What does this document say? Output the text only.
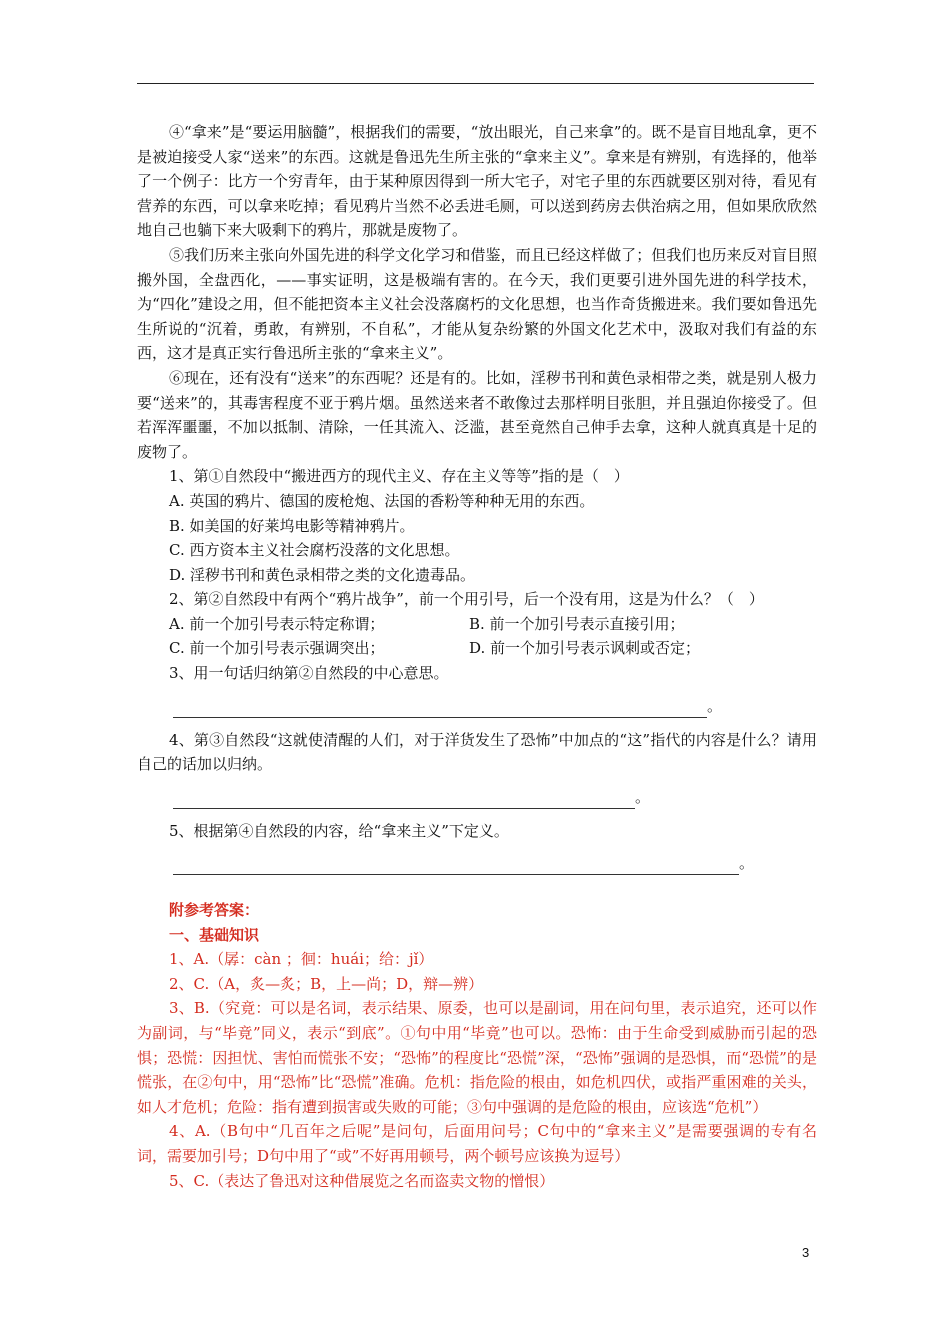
④“拿来”是“要运用脑髓”，根据我们的需要，“放出眼光，自己来拿”的。既不是盲目地乱拿，更不是被迫接受人家“送来”的东西。这就是鲁迅先生所主张的“拿来主义”。拿来是有辨别，有选择的，他举了一个例子：比方一个穷青年，由于某种原因得到一所大宅子，对宅子里的东西就要区别对待，看见有营养的东西，可以拿来吃掉；看见鸦片当然不必丢进毛厕，可以送到药房去供治病之用，但如果欣欣然地自己也躺下来大吸剩下的鸦片，那就是废物了。

⑤我们历来主张向外国先进的科学文化学习和借鉴，而且已经这样做了；但我们也历来反对盲目照搬外国，全盘西化，——事实证明，这是极端有害的。在今天，我们更要引进外国先进的科学技术，为“四化”建设之用，但不能把资本主义社会没落腐朽的文化思想，也当作奇货搬进来。我们要如鲁迅先生所说的“沉着，勇敢，有辨别，不自私”，才能从复杂纷繁的外国文化艺术中，汲取对我们有益的东西，这才是真正实行鲁迅所主张的“拿来主义”。

⑥现在，还有没有“送来”的东西呢？还是有的。比如，淫秽书刊和黄色录相带之类，就是别人极力要“送来”的，其毒害程度不亚于鸦片烟。虽然送来者不敢像过去那样明目张胆，并且强迫你接受了。但若浑浑噩噩，不加以抵制、清除，一任其流入、泛滥，甚至竟然自己伸手去拿，这种人就真真是十足的废物了。

1、第①自然段中“搬进西方的现代主义、存在主义等等”指的是（　）

A. 英国的鸦片、德国的废枪炮、法国的香粉等种种无用的东西。

B. 如美国的好莱坞电影等精神鸦片。

C. 西方资本主义社会腐朽没落的文化思想。

D. 淫秽书刊和黄色录相带之类的文化遗毒品。

2、第②自然段中有两个“鸦片战争”，前一个用引号，后一个没有用，这是为什么？（　）

A. 前一个加引号表示特定称谓；	B. 前一个加引号表示直接引用；

C. 前一个加引号表示强调突出；	D. 前一个加引号表示讽刺或否定；

3、用一句话归纳第②自然段的中心意思。

。

4、第③自然段“这就使清醒的人们，对于洋货发生了恐怖”中加点的“这”指代的内容是什么？请用自己的话加以归纳。

。

5、根据第④自然段的内容，给“拿来主义”下定义。

。

附参考答案：

一、基础知识

1、A.（孱：càn ；徊：huái；给：jǐ）

2、C.（A，炙—炙；B，上—尚；D，辩—辨）

3、B.（究竟：可以是名词，表示结果、原委，也可以是副词，用在问句里，表示追究，还可以作为副词，与“毕竟”同义，表示“到底”。①句中用“毕竟”也可以。恐怖：由于生命受到威胁而引起的恐惧；恐慌：因担忧、害怕而慌张不安；“恐怖”的程度比“恐慌”深，“恐怖”强调的是恐惧，而“恐慌”的是慌张，在②句中，用“恐怖”比“恐慌”准确。危机：指危险的根由，如危机四伏，或指严重困难的关头，如人才危机；危险：指有遭到损害或失败的可能；③句中强调的是危险的根由，应该选“危机”）

4、A.（B句中“几百年之后呢”是问句，后面用问号；C句中的“拿来主义”是需要强调的专有名词，需要加引号；D句中用了“或”不好再用顿号，两个顿号应该换为逗号）

5、C.（表达了鲁迅对这种借展览之名而盗卖文物的憎恨）

3
